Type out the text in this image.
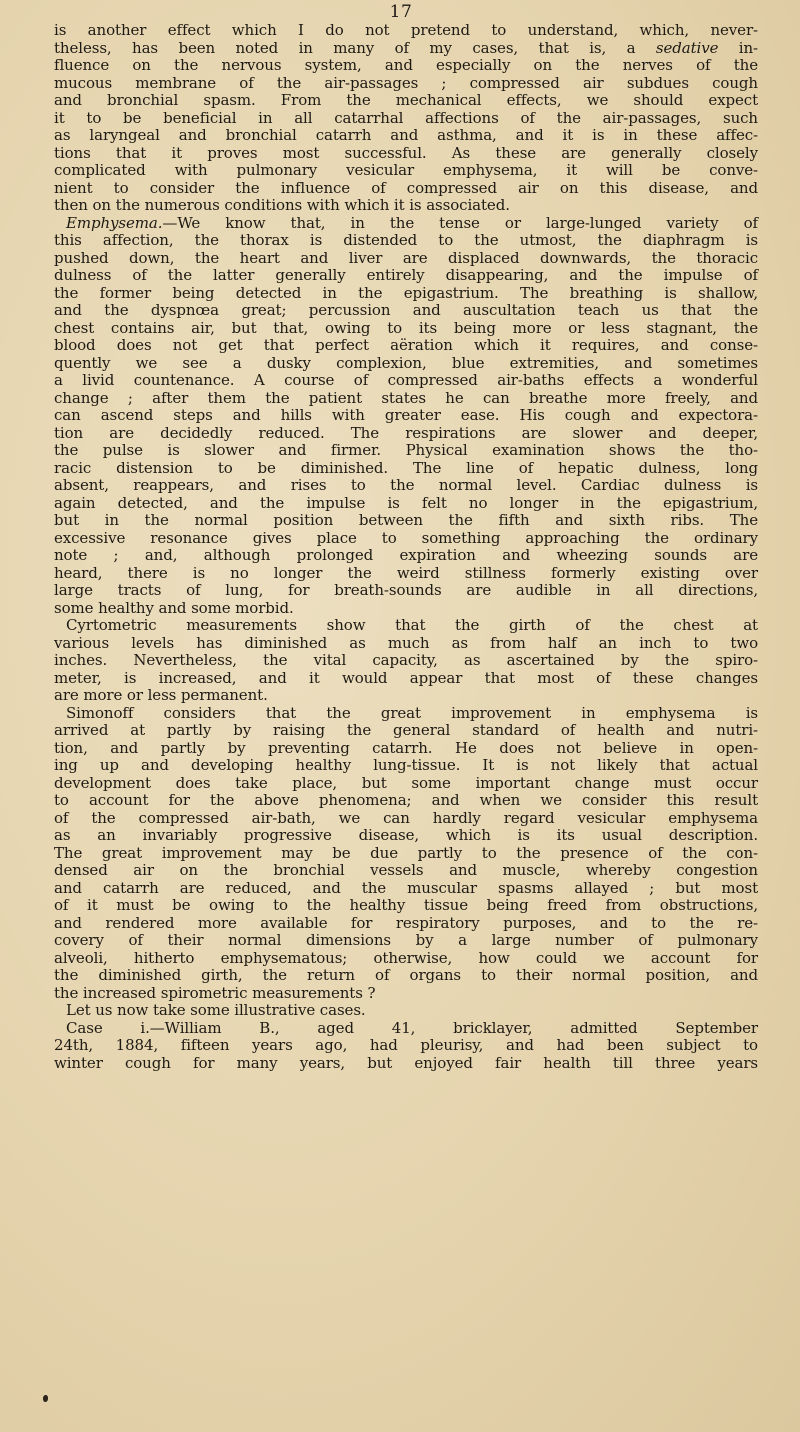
17
is another effect which I do not pretend to understand, which, never-
theless, has been noted in many of my cases, that is, a sedative in-
fluence on the nervous system, and especially on the nerves of the
mucous membrane of the air-passages ; compressed air subdues cough
and bronchial spasm. From the mechanical effects, we should expect
it to be beneficial in all catarrhal affections of the air-passages, such
as laryngeal and bronchial catarrh and asthma, and it is in these affec-
tions that it proves most successful. As these are generally closely
complicated with pulmonary vesicular emphysema, it will be conve-
nient to consider the influence of compressed air on this disease, and
then on the numerous conditions with which it is associated.
Emphysema.—We know that, in the tense or large-lunged variety of
this affection, the thorax is distended to the utmost, the diaphragm is
pushed down, the heart and liver are displaced downwards, the thoracic
dulness of the latter generally entirely disappearing, and the impulse of
the former being detected in the epigastrium. The breathing is shallow,
and the dyspnœa great; percussion and auscultation teach us that the
chest contains air, but that, owing to its being more or less stagnant, the
blood does not get that perfect aëration which it requires, and conse-
quently we see a dusky complexion, blue extremities, and sometimes
a livid countenance. A course of compressed air-baths effects a wonderful
change ; after them the patient states he can breathe more freely, and
can ascend steps and hills with greater ease. His cough and expectora-
tion are decidedly reduced. The respirations are slower and deeper,
the pulse is slower and firmer. Physical examination shows the tho-
racic distension to be diminished. The line of hepatic dulness, long
absent, reappears, and rises to the normal level. Cardiac dulness is
again detected, and the impulse is felt no longer in the epigastrium,
but in the normal position between the fifth and sixth ribs. The
excessive resonance gives place to something approaching the ordinary
note ; and, although prolonged expiration and wheezing sounds are
heard, there is no longer the weird stillness formerly existing over
large tracts of lung, for breath-sounds are audible in all directions,
some healthy and some morbid.
Cyrtometric measurements show that the girth of the chest at
various levels has diminished as much as from half an inch to two
inches. Nevertheless, the vital capacity, as ascertained by the spiro-
meter, is increased, and it would appear that most of these changes
are more or less permanent.
Simonoff considers that the great improvement in emphysema is
arrived at partly by raising the general standard of health and nutri-
tion, and partly by preventing catarrh. He does not believe in open-
ing up and developing healthy lung-tissue. It is not likely that actual
development does take place, but some important change must occur
to account for the above phenomena; and when we consider this result
of the compressed air-bath, we can hardly regard vesicular emphysema
as an invariably progressive disease, which is its usual description.
The great improvement may be due partly to the presence of the con-
densed air on the bronchial vessels and muscle, whereby congestion
and catarrh are reduced, and the muscular spasms allayed ; but most
of it must be owing to the healthy tissue being freed from obstructions,
and rendered more available for respiratory purposes, and to the re-
covery of their normal dimensions by a large number of pulmonary
alveoli, hitherto emphysematous; otherwise, how could we account for
the diminished girth, the return of organs to their normal position, and
the increased spirometric measurements ?
Let us now take some illustrative cases.
Case i.—William B., aged 41, bricklayer, admitted September
24th, 1884, fifteen years ago, had pleurisy, and had been subject to
winter cough for many years, but enjoyed fair health till three years
